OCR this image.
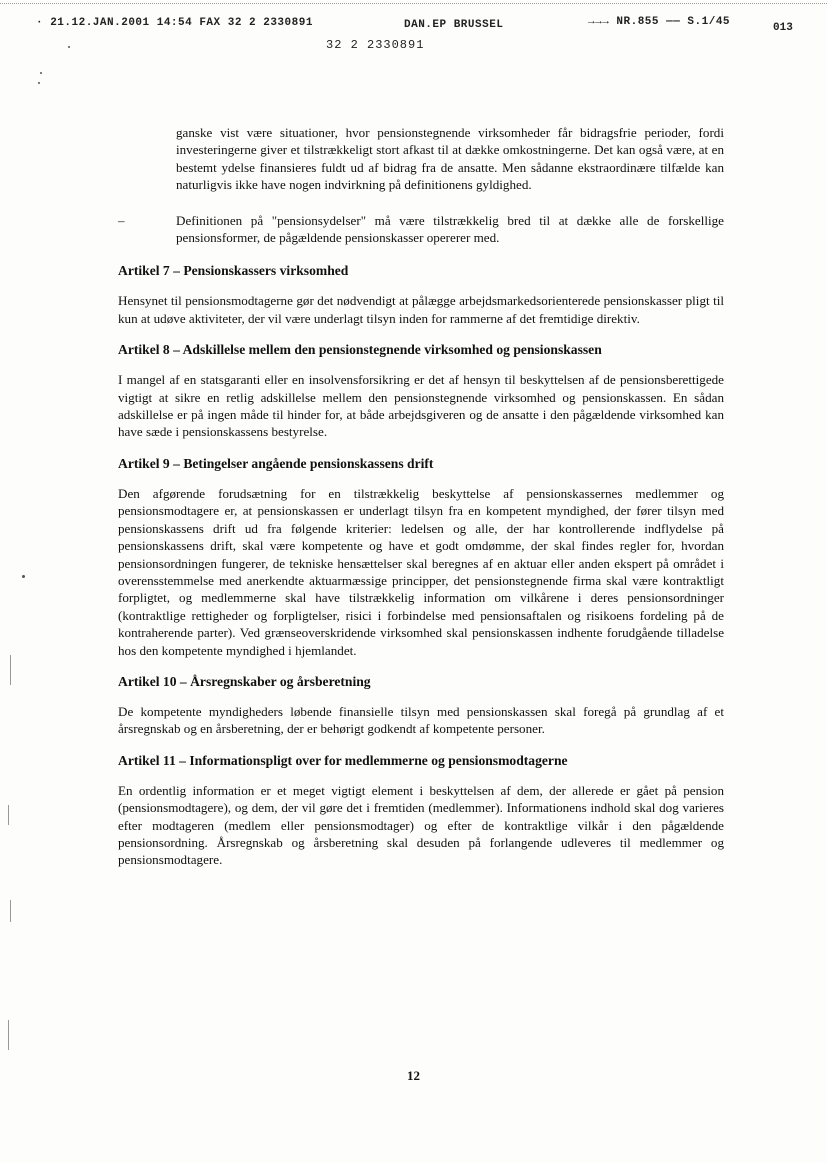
· 21.12.JAN.2001 14:54 FAX 32 2 2330891	DAN.EP BRUSSEL	→→→ NR.855 —— S.1/45	013
32 2 2330891

ganske vist være situationer, hvor pensionstegnende virksomheder får bidragsfrie perioder, fordi investeringerne giver et tilstrækkeligt stort afkast til at dække omkostningerne. Det kan også være, at en bestemt ydelse finansieres fuldt ud af bidrag fra de ansatte. Men sådanne ekstraordinære tilfælde kan naturligvis ikke have nogen indvirkning på definitionens gyldighed.

–	Definitionen på "pensionsydelser" må være tilstrækkelig bred til at dække alle de forskellige pensionsformer, de pågældende pensionskasser opererer med.
Artikel 7 – Pensionskassers virksomhed

Hensynet til pensionsmodtagerne gør det nødvendigt at pålægge arbejdsmarkedsorienterede pensionskasser pligt til kun at udøve aktiviteter, der vil være underlagt tilsyn inden for rammerne af det fremtidige direktiv.

Artikel 8 – Adskillelse mellem den pensionstegnende virksomhed og pensionskassen

I mangel af en statsgaranti eller en insolvensforsikring er det af hensyn til beskyttelsen af de pensionsberettigede vigtigt at sikre en retlig adskillelse mellem den pensionstegnende virksomhed og pensionskassen. En sådan adskillelse er på ingen måde til hinder for, at både arbejdsgiveren og de ansatte i den pågældende virksomhed kan have sæde i pensionskassens bestyrelse.

Artikel 9 – Betingelser angående pensionskassens drift

Den afgørende forudsætning for en tilstrækkelig beskyttelse af pensionskassernes medlemmer og pensionsmodtagere er, at pensionskassen er underlagt tilsyn fra en kompetent myndighed, der fører tilsyn med pensionskassens drift ud fra følgende kriterier: ledelsen og alle, der har kontrollerende indflydelse på pensionskassens drift, skal være kompetente og have et godt omdømme, der skal findes regler for, hvordan pensionsordningen fungerer, de tekniske hensættelser skal beregnes af en aktuar eller anden ekspert på området i overensstemmelse med anerkendte aktuarmæssige principper, det pensionstegnende firma skal være kontraktligt forpligtet, og medlemmerne skal have tilstrækkelig information om vilkårene i deres pensionsordninger (kontraktlige rettigheder og forpligtelser, risici i forbindelse med pensionsaftalen og risikoens fordeling på de kontraherende parter). Ved grænseoverskridende virksomhed skal pensionskassen indhente forudgående tilladelse hos den kompetente myndighed i hjemlandet.

Artikel 10 – Årsregnskaber og årsberetning

De kompetente myndigheders løbende finansielle tilsyn med pensionskassen skal foregå på grundlag af et årsregnskab og en årsberetning, der er behørigt godkendt af kompetente personer.

Artikel 11 – Informationspligt over for medlemmerne og pensionsmodtagerne

En ordentlig information er et meget vigtigt element i beskyttelsen af dem, der allerede er gået på pension (pensionsmodtagere), og dem, der vil gøre det i fremtiden (medlemmer). Informationens indhold skal dog varieres efter modtageren (medlem eller pensionsmodtager) og efter de kontraktlige vilkår i den pågældende pensionsordning. Årsregnskab og årsberetning skal desuden på forlangende udleveres til medlemmer og pensionsmodtagere.

12
